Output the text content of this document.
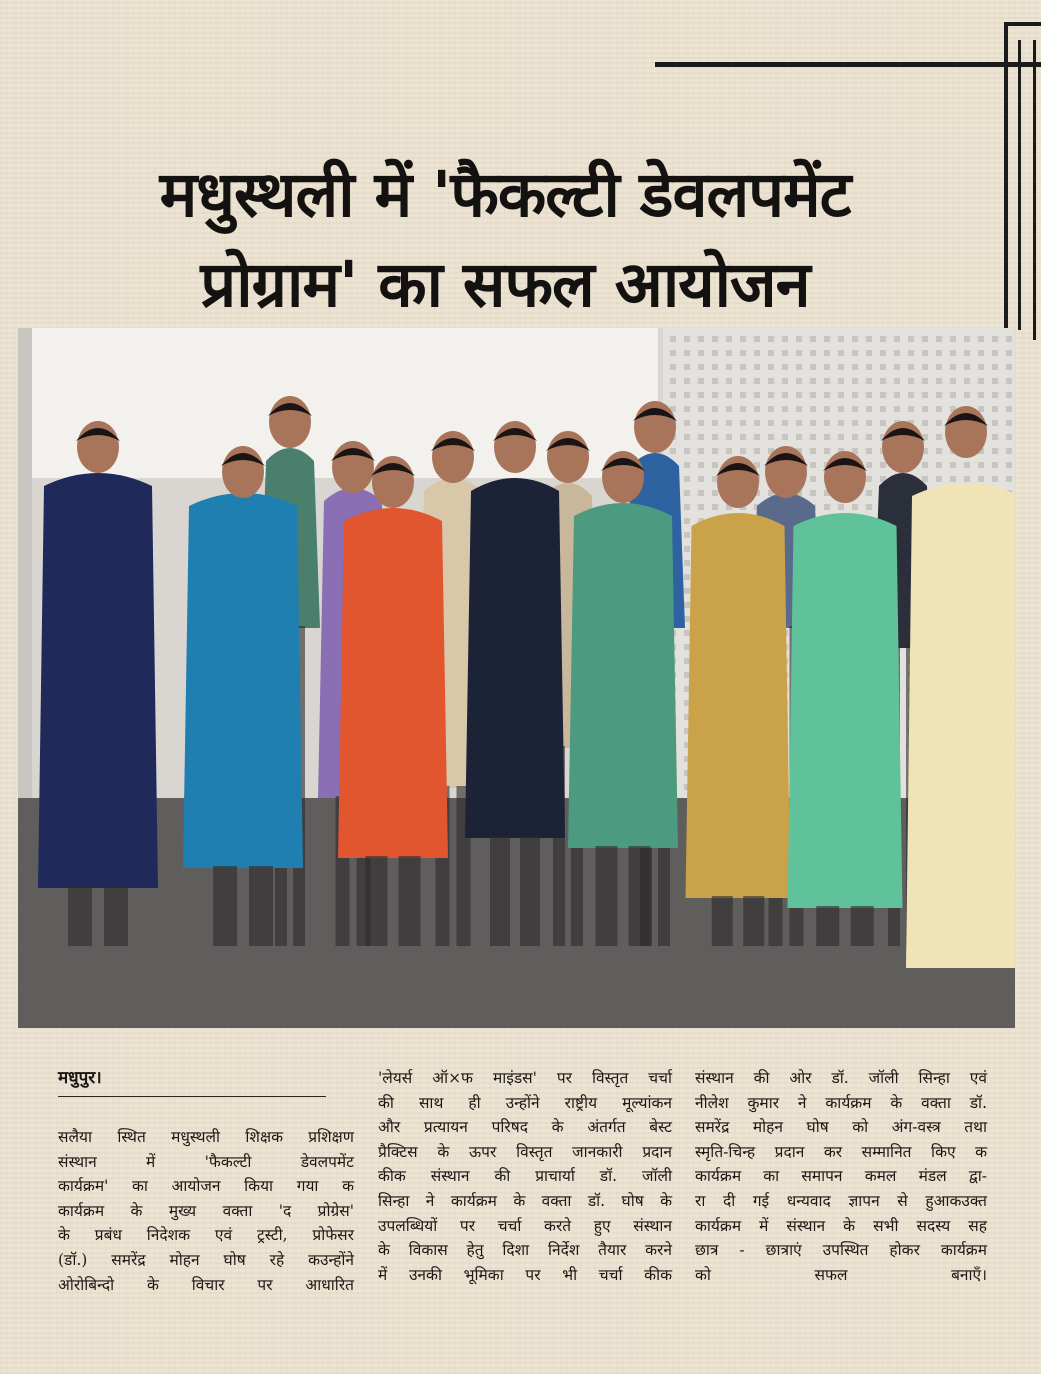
मधुस्थली में 'फैकल्टी डेवलपमेंट
प्रोग्राम' का सफल आयोजन

मधुपुर।

सलैया स्थित मधुस्थली शिक्षक प्रशिक्षण
संस्थान में 'फैकल्टी डेवलपमेंट
कार्यक्रम' का आयोजन किया गया क
कार्यक्रम के मुख्य वक्ता 'द प्रोग्रेस'
के प्रबंध निदेशक एवं ट्रस्टी, प्रोफेसर
(डॉ.) समरेंद्र मोहन घोष रहे कउन्होंने
ओरोबिन्दो के विचार पर आधारित
'लेयर्स ऑ×फ माइंडस' पर विस्तृत चर्चा
की साथ ही उन्होंने राष्ट्रीय मूल्यांकन
और प्रत्यायन परिषद के अंतर्गत बेस्ट
प्रैक्टिस के ऊपर विस्तृत जानकारी प्रदान
कीक संस्थान की प्राचार्या डॉ. जॉली
सिन्हा ने कार्यक्रम के वक्ता डॉ. घोष के
उपलब्धियों पर चर्चा करते हुए संस्थान
के विकास हेतु दिशा निर्देश तैयार करने
में उनकी भूमिका पर भी चर्चा कीक
संस्थान की ओर डॉ. जॉली सिन्हा एवं
नीलेश कुमार ने कार्यक्रम के वक्ता डॉ.
समरेंद्र मोहन घोष को अंग-वस्त्र तथा
स्मृति-चिन्ह प्रदान कर सम्मानित किए क
कार्यक्रम का समापन कमल मंडल द्वा-
रा दी गई धन्यवाद ज्ञापन से हुआकउक्त
कार्यक्रम में संस्थान के सभी सदस्य सह
छात्र - छात्राएं उपस्थित होकर कार्यक्रम
को सफल बनाएँ।
